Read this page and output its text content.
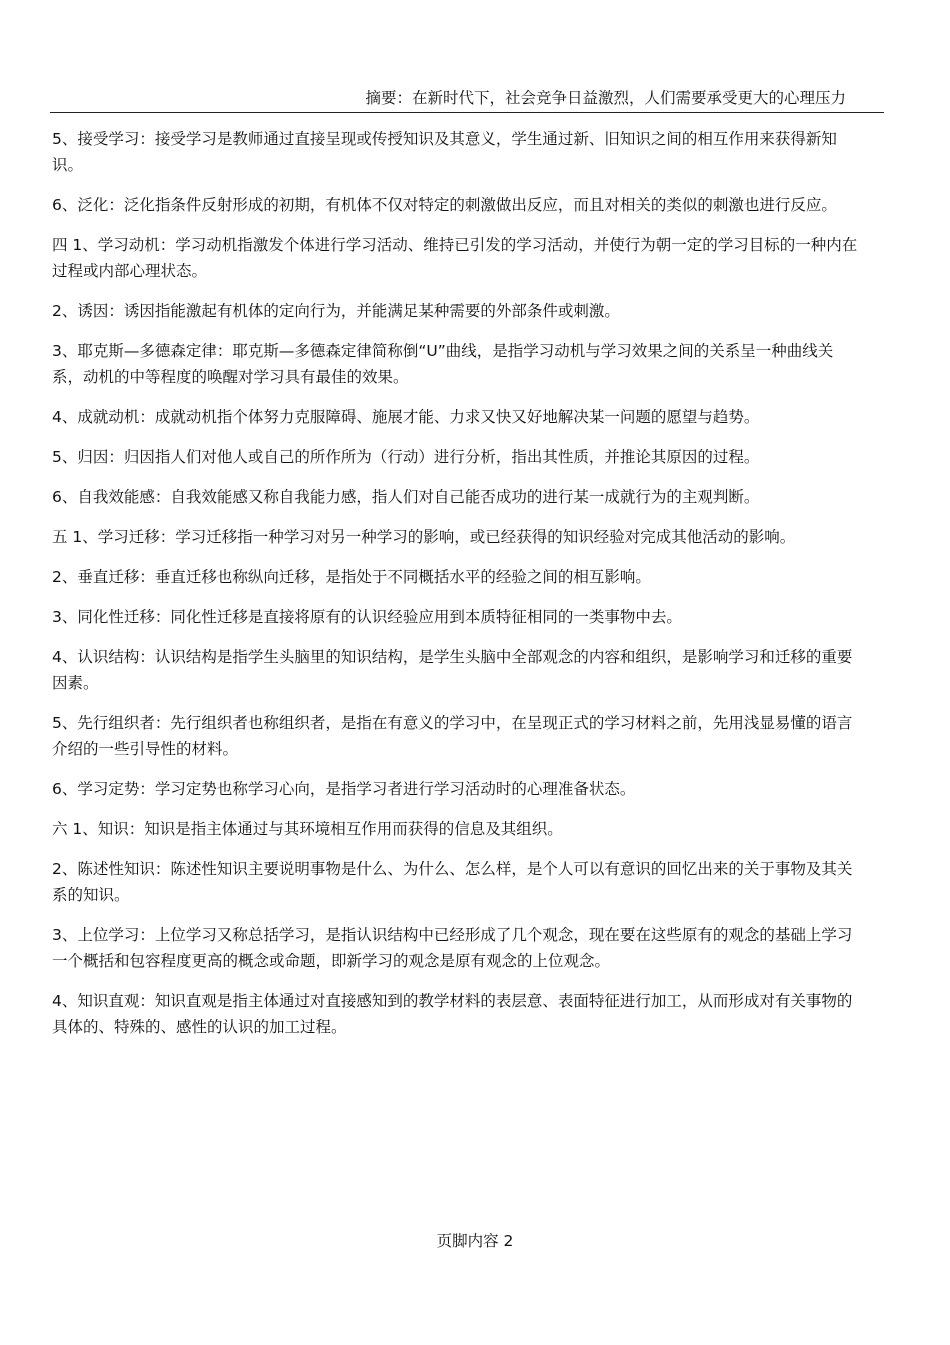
摘要：在新时代下，社会竞争日益激烈，人们需要承受更大的心理压力

5、接受学习：接受学习是教师通过直接呈现或传授知识及其意义，学生通过新、旧知识之间的相互作用来获得新知识。

6、泛化：泛化指条件反射形成的初期，有机体不仅对特定的刺激做出反应，而且对相关的类似的刺激也进行反应。

四 1、学习动机：学习动机指激发个体进行学习活动、维持已引发的学习活动，并使行为朝一定的学习目标的一种内在过程或内部心理状态。

2、诱因：诱因指能激起有机体的定向行为，并能满足某种需要的外部条件或刺激。

3、耶克斯—多德森定律：耶克斯—多德森定律简称倒“U”曲线，是指学习动机与学习效果之间的关系呈一种曲线关系，动机的中等程度的唤醒对学习具有最佳的效果。

4、成就动机：成就动机指个体努力克服障碍、施展才能、力求又快又好地解决某一问题的愿望与趋势。

5、归因：归因指人们对他人或自己的所作所为（行动）进行分析，指出其性质，并推论其原因的过程。

6、自我效能感：自我效能感又称自我能力感，指人们对自己能否成功的进行某一成就行为的主观判断。

五 1、学习迁移：学习迁移指一种学习对另一种学习的影响，或已经获得的知识经验对完成其他活动的影响。

2、垂直迁移：垂直迁移也称纵向迁移，是指处于不同概括水平的经验之间的相互影响。

3、同化性迁移：同化性迁移是直接将原有的认识经验应用到本质特征相同的一类事物中去。

4、认识结构：认识结构是指学生头脑里的知识结构，是学生头脑中全部观念的内容和组织，是影响学习和迁移的重要因素。

5、先行组织者：先行组织者也称组织者，是指在有意义的学习中，在呈现正式的学习材料之前，先用浅显易懂的语言介绍的一些引导性的材料。

6、学习定势：学习定势也称学习心向，是指学习者进行学习活动时的心理准备状态。

六 1、知识：知识是指主体通过与其环境相互作用而获得的信息及其组织。

2、陈述性知识：陈述性知识主要说明事物是什么、为什么、怎么样，是个人可以有意识的回忆出来的关于事物及其关系的知识。

3、上位学习：上位学习又称总括学习，是指认识结构中已经形成了几个观念，现在要在这些原有的观念的基础上学习一个概括和包容程度更高的概念或命题，即新学习的观念是原有观念的上位观念。

4、知识直观：知识直观是指主体通过对直接感知到的教学材料的表层意、表面特征进行加工，从而形成对有关事物的具体的、特殊的、感性的认识的加工过程。

页脚内容 2
